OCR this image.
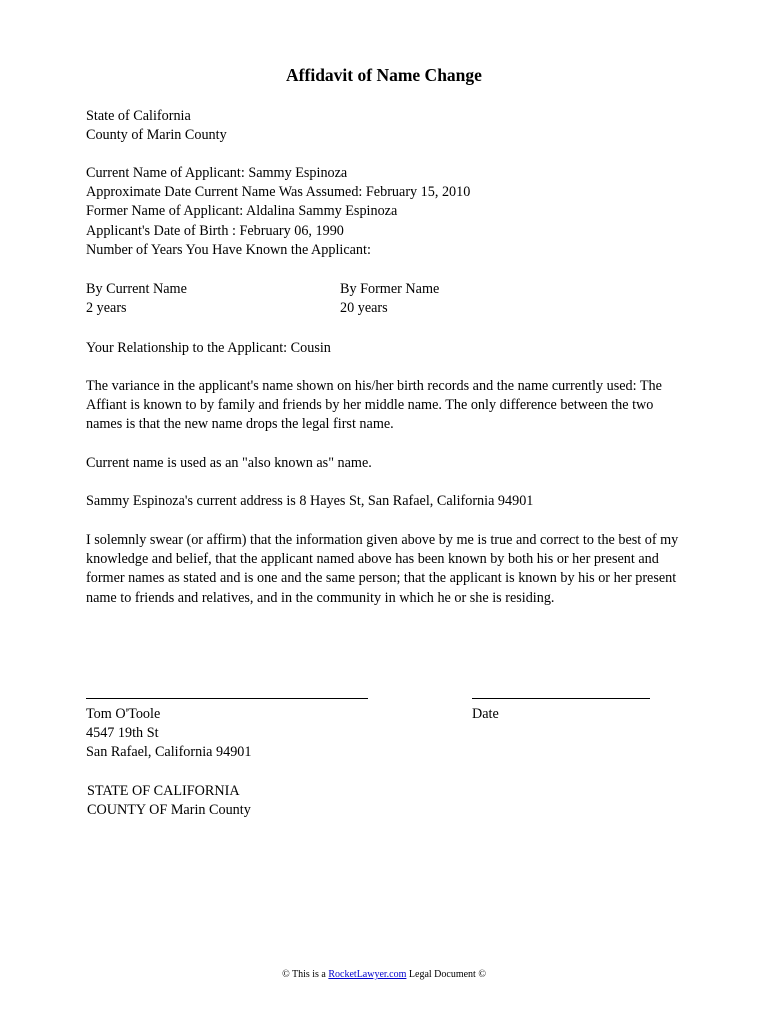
Affidavit of Name Change
State of California
County of Marin County
Current Name of Applicant: Sammy Espinoza
Approximate Date Current Name Was Assumed: February 15, 2010
Former Name of Applicant: Aldalina Sammy Espinoza
Applicant's Date of Birth : February 06, 1990
Number of Years You Have Known the Applicant:
By Current Name
2 years
By Former Name
20 years
Your Relationship to the Applicant: Cousin
The variance in the applicant's name shown on his/her birth records and the name currently used: The Affiant is known to by family and friends by her middle name. The only difference between the two names is that the new name drops the legal first name.
Current name is used as an "also known as" name.
Sammy Espinoza's current address is 8 Hayes St, San Rafael, California 94901
I solemnly swear (or affirm) that the information given above by me is true and correct to the best of my knowledge and belief, that the applicant named above has been known by both his or her present and former names as stated and is one and the same person; that the applicant is known by his or her present name to friends and relatives, and in the community in which he or she is residing.
Tom O'Toole
4547 19th St
San Rafael, California 94901
Date
STATE OF CALIFORNIA
COUNTY OF Marin County
© This is a RocketLawyer.com Legal Document ©
